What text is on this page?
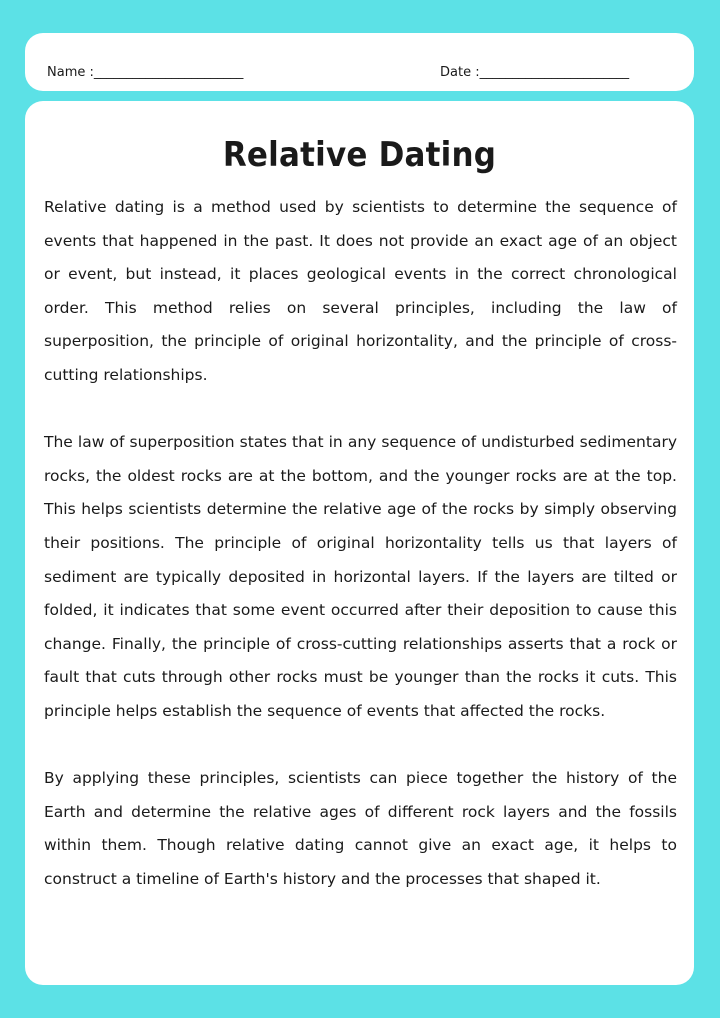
Name :_______________________	Date :_______________________
Relative Dating

Relative dating is a method used by scientists to determine the sequence of events that happened in the past. It does not provide an exact age of an object or event, but instead, it places geological events in the correct chronological order. This method relies on several principles, including the law of superposition, the principle of original horizontality, and the principle of cross-cutting relationships.

The law of superposition states that in any sequence of undisturbed sedimentary rocks, the oldest rocks are at the bottom, and the younger rocks are at the top. This helps scientists determine the relative age of the rocks by simply observing their positions. The principle of original horizontality tells us that layers of sediment are typically deposited in horizontal layers. If the layers are tilted or folded, it indicates that some event occurred after their deposition to cause this change. Finally, the principle of cross-cutting relationships asserts that a rock or fault that cuts through other rocks must be younger than the rocks it cuts. This principle helps establish the sequence of events that affected the rocks.

By applying these principles, scientists can piece together the history of the Earth and determine the relative ages of different rock layers and the fossils within them. Though relative dating cannot give an exact age, it helps to construct a timeline of Earth's history and the processes that shaped it.
